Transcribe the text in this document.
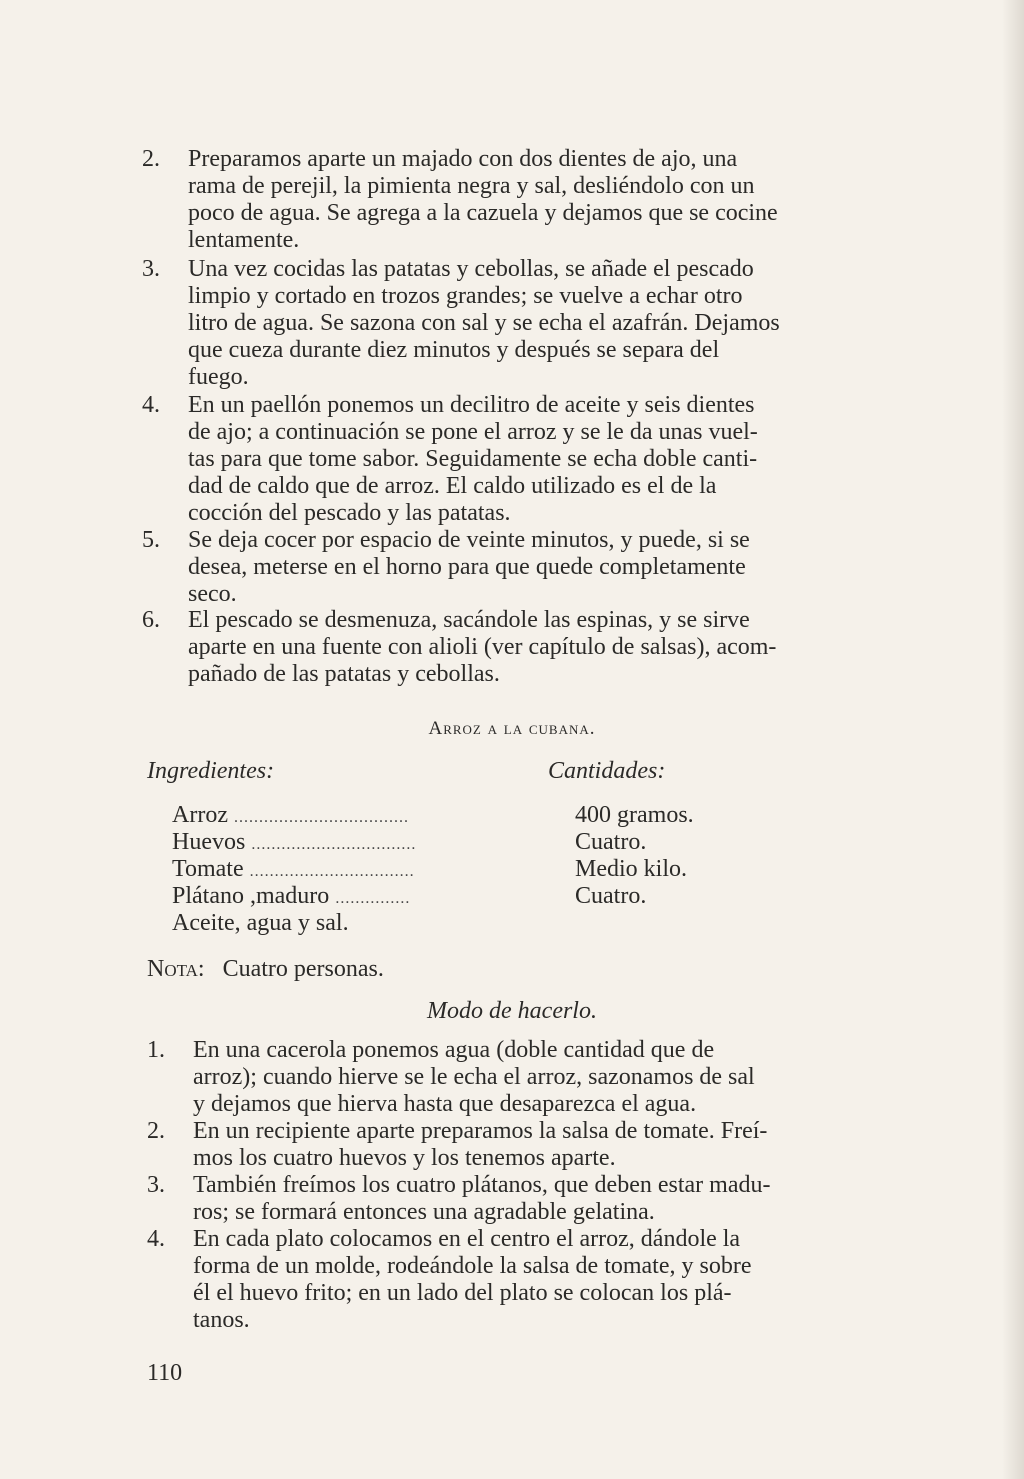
2.	Preparamos aparte un majado con dos dientes de ajo, una
rama de perejil, la pimienta negra y sal, desliéndolo con un
poco de agua. Se agrega a la cazuela y dejamos que se cocine
lentamente.
3.	Una vez cocidas las patatas y cebollas, se añade el pescado
limpio y cortado en trozos grandes; se vuelve a echar otro
litro de agua. Se sazona con sal y se echa el azafrán. Dejamos
que cueza durante diez minutos y después se separa del
fuego.
4.	En un paellón ponemos un decilitro de aceite y seis dientes
de ajo; a continuación se pone el arroz y se le da unas vuel-
tas para que tome sabor. Seguidamente se echa doble canti-
dad de caldo que de arroz. El caldo utilizado es el de la
cocción del pescado y las patatas.
5.	Se deja cocer por espacio de veinte minutos, y puede, si se
desea, meterse en el horno para que quede completamente
seco.
6.	El pescado se desmenuza, sacándole las espinas, y se sirve
aparte en una fuente con alioli (ver capítulo de salsas), acom-
pañado de las patatas y cebollas.
Arroz a la cubana.
Ingredientes:	Cantidades:
Arroz ...................................	400 gramos.
Huevos .................................	Cuatro.
Tomate .................................	Medio kilo.
Plátano ,maduro ...............	Cuatro.
Aceite, agua y sal.
Nota: Cuatro personas.
Modo de hacerlo.
1.	En una cacerola ponemos agua (doble cantidad que de
arroz); cuando hierve se le echa el arroz, sazonamos de sal
y dejamos que hierva hasta que desaparezca el agua.
2.	En un recipiente aparte preparamos la salsa de tomate. Freí-
mos los cuatro huevos y los tenemos aparte.
3.	También freímos los cuatro plátanos, que deben estar madu-
ros; se formará entonces una agradable gelatina.
4.	En cada plato colocamos en el centro el arroz, dándole la
forma de un molde, rodeándole la salsa de tomate, y sobre
él el huevo frito; en un lado del plato se colocan los plá-
tanos.
110
